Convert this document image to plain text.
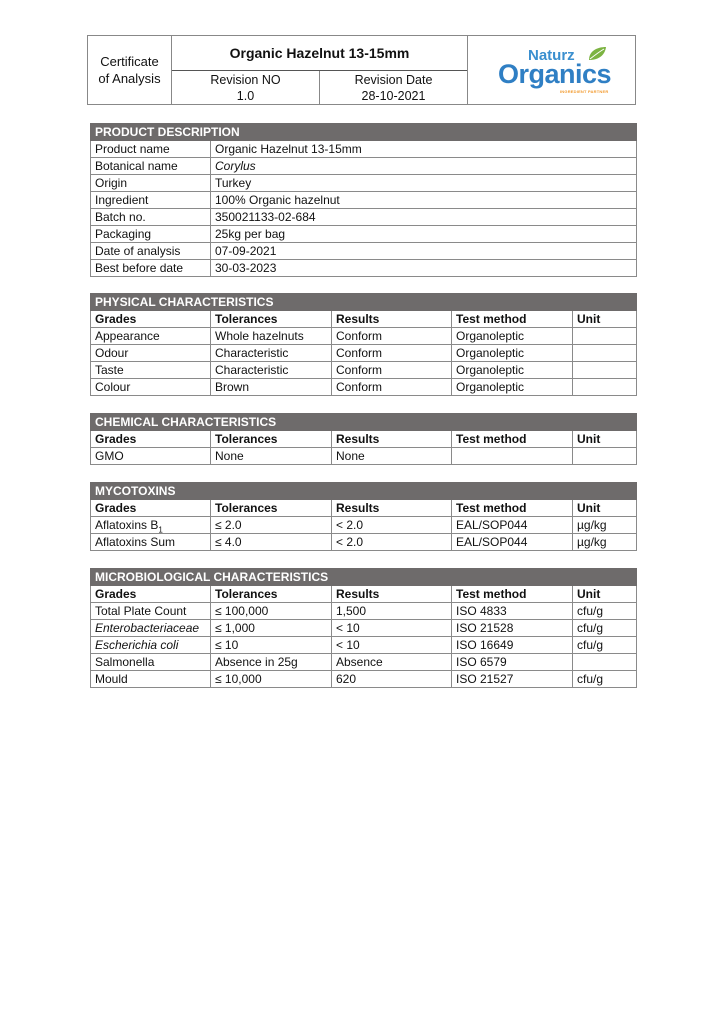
Certificate
of Analysis
Organic Hazelnut 13-15mm
Revision NO
1.0
Revision Date
28-10-2021
Naturz
Organics
INGREDIENT PARTNER
PRODUCT DESCRIPTION	
Product name	Organic Hazelnut 13-15mm
Botanical name	Corylus
Origin	Turkey
Ingredient	100% Organic hazelnut
Batch no.	350021133-02-684
Packaging	25kg per bag
Date of analysis	07-09-2021
Best before date	30-03-2023
PHYSICAL CHARACTERISTICS				
Grades	Tolerances	Results	Test method	Unit
Appearance	Whole hazelnuts	Conform	Organoleptic	
Odour	Characteristic	Conform	Organoleptic	
Taste	Characteristic	Conform	Organoleptic	
Colour	Brown	Conform	Organoleptic	
CHEMICAL CHARACTERISTICS				
Grades	Tolerances	Results	Test method	Unit
GMO	None	None		
MYCOTOXINS				
Grades	Tolerances	Results	Test method	Unit
Aflatoxins $B_1$	≤ 2.0	< 2.0	EAL/SOP044	µg/kg
Aflatoxins Sum	≤ 4.0	< 2.0	EAL/SOP044	µg/kg
MICROBIOLOGICAL CHARACTERISTICS				
Grades	Tolerances	Results	Test method	Unit
Total Plate Count	≤ 100,000	1,500	ISO 4833	cfu/g
Enterobacteriaceae	≤ 1,000	< 10	ISO 21528	cfu/g
Escherichia coli	≤ 10	< 10	ISO 16649	cfu/g
Salmonella	Absence in 25g	Absence	ISO 6579	
Mould	≤ 10,000	620	ISO 21527	cfu/g
